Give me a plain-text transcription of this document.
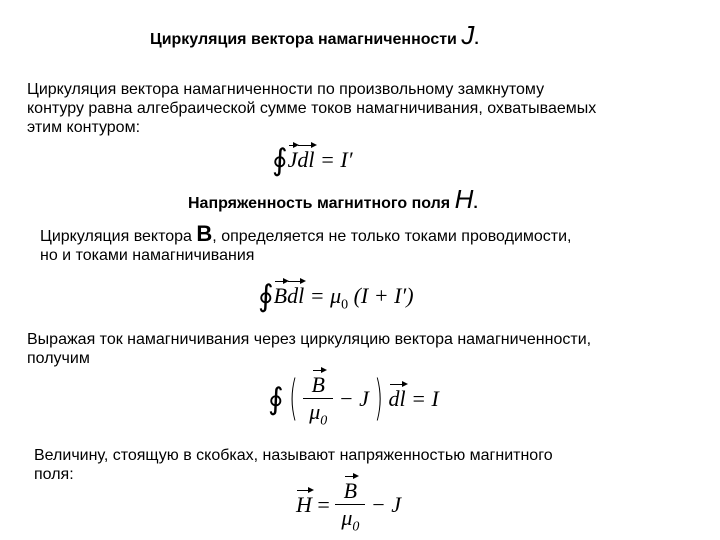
Циркуляция вектора намагниченности J.
Циркуляция вектора намагниченности по произвольному замкнутому
контуру равна алгебраической сумме токов намагничивания, охватываемых
этим контуром:
∮Jdl = I′
Напряженность магнитного поля H.
Циркуляция вектора B, определяется не только токами проводимости,
но и токами намагничивания
∮Bdl = $\mu_0$ (I + I′)
Выражая ток намагничивания через циркуляцию вектора намагниченности,
получим
∮ ( $\frac{B}{\mu_0} - J$ ) dl = I
Величину, стоящую в скобках, называют напряженностью магнитного
поля:
$H = \frac{B}{\mu_0} - J$
